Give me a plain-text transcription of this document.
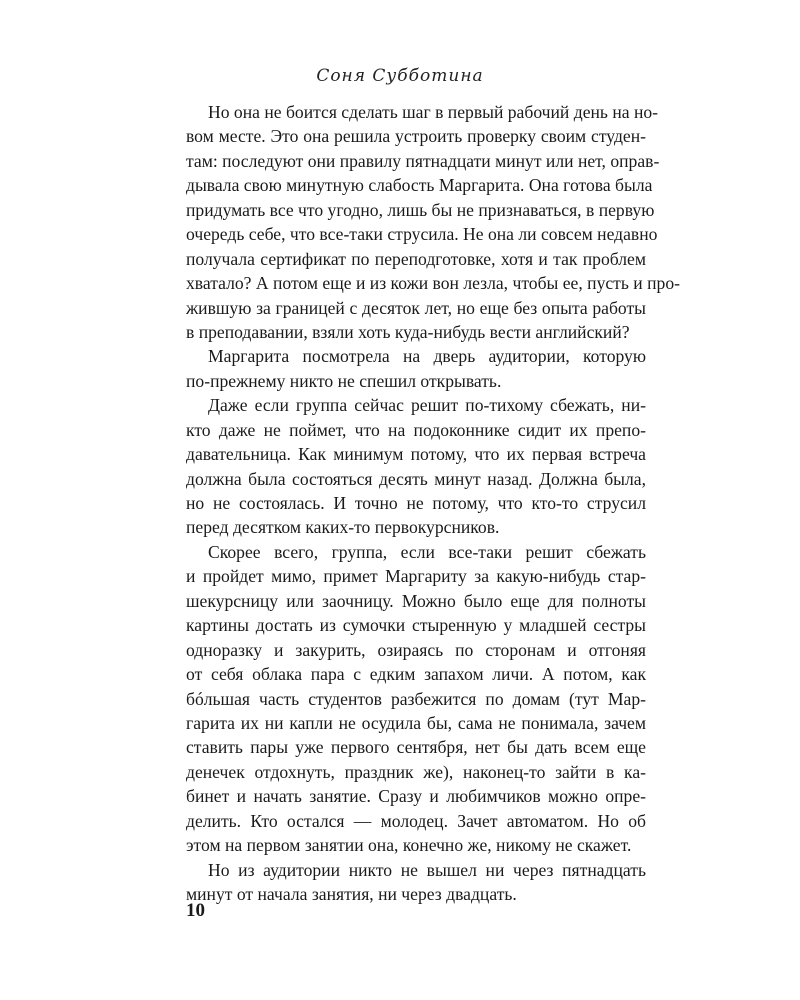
Соня Субботина
Но она не боится сделать шаг в первый рабочий день на но-
вом месте. Это она решила устроить проверку своим студен-
там: последуют они правилу пятнадцати минут или нет, оправ-
дывала свою минутную слабость Маргарита. Она готова была
придумать все что угодно, лишь бы не признаваться, в первую
очередь себе, что все-таки струсила. Не она ли совсем недавно
получала сертификат по переподготовке, хотя и так проблем
хватало? А потом еще и из кожи вон лезла, чтобы ее, пусть и про-
жившую за границей с десяток лет, но еще без опыта работы
в преподавании, взяли хоть куда-нибудь вести английский?
Маргарита посмотрела на дверь аудитории, которую
по-прежнему никто не спешил открывать.
Даже если группа сейчас решит по-тихому сбежать, ни-
кто даже не поймет, что на подоконнике сидит их препо-
давательница. Как минимум потому, что их первая встреча
должна была состояться десять минут назад. Должна была,
но не состоялась. И точно не потому, что кто-то струсил
перед десятком каких-то первокурсников.
Скорее всего, группа, если все-таки решит сбежать
и пройдет мимо, примет Маргариту за какую-нибудь стар-
шекурсницу или заочницу. Можно было еще для полноты
картины достать из сумочки стыренную у младшей сестры
одноразку и закурить, озираясь по сторонам и отгоняя
от себя облака пара с едким запахом личи. А потом, как
бóльшая часть студентов разбежится по домам (тут Мар-
гарита их ни капли не осудила бы, сама не понимала, зачем
ставить пары уже первого сентября, нет бы дать всем еще
денечек отдохнуть, праздник же), наконец-то зайти в ка-
бинет и начать занятие. Сразу и любимчиков можно опре-
делить. Кто остался — молодец. Зачет автоматом. Но об
этом на первом занятии она, конечно же, никому не скажет.
Но из аудитории никто не вышел ни через пятнадцать
минут от начала занятия, ни через двадцать.
10
